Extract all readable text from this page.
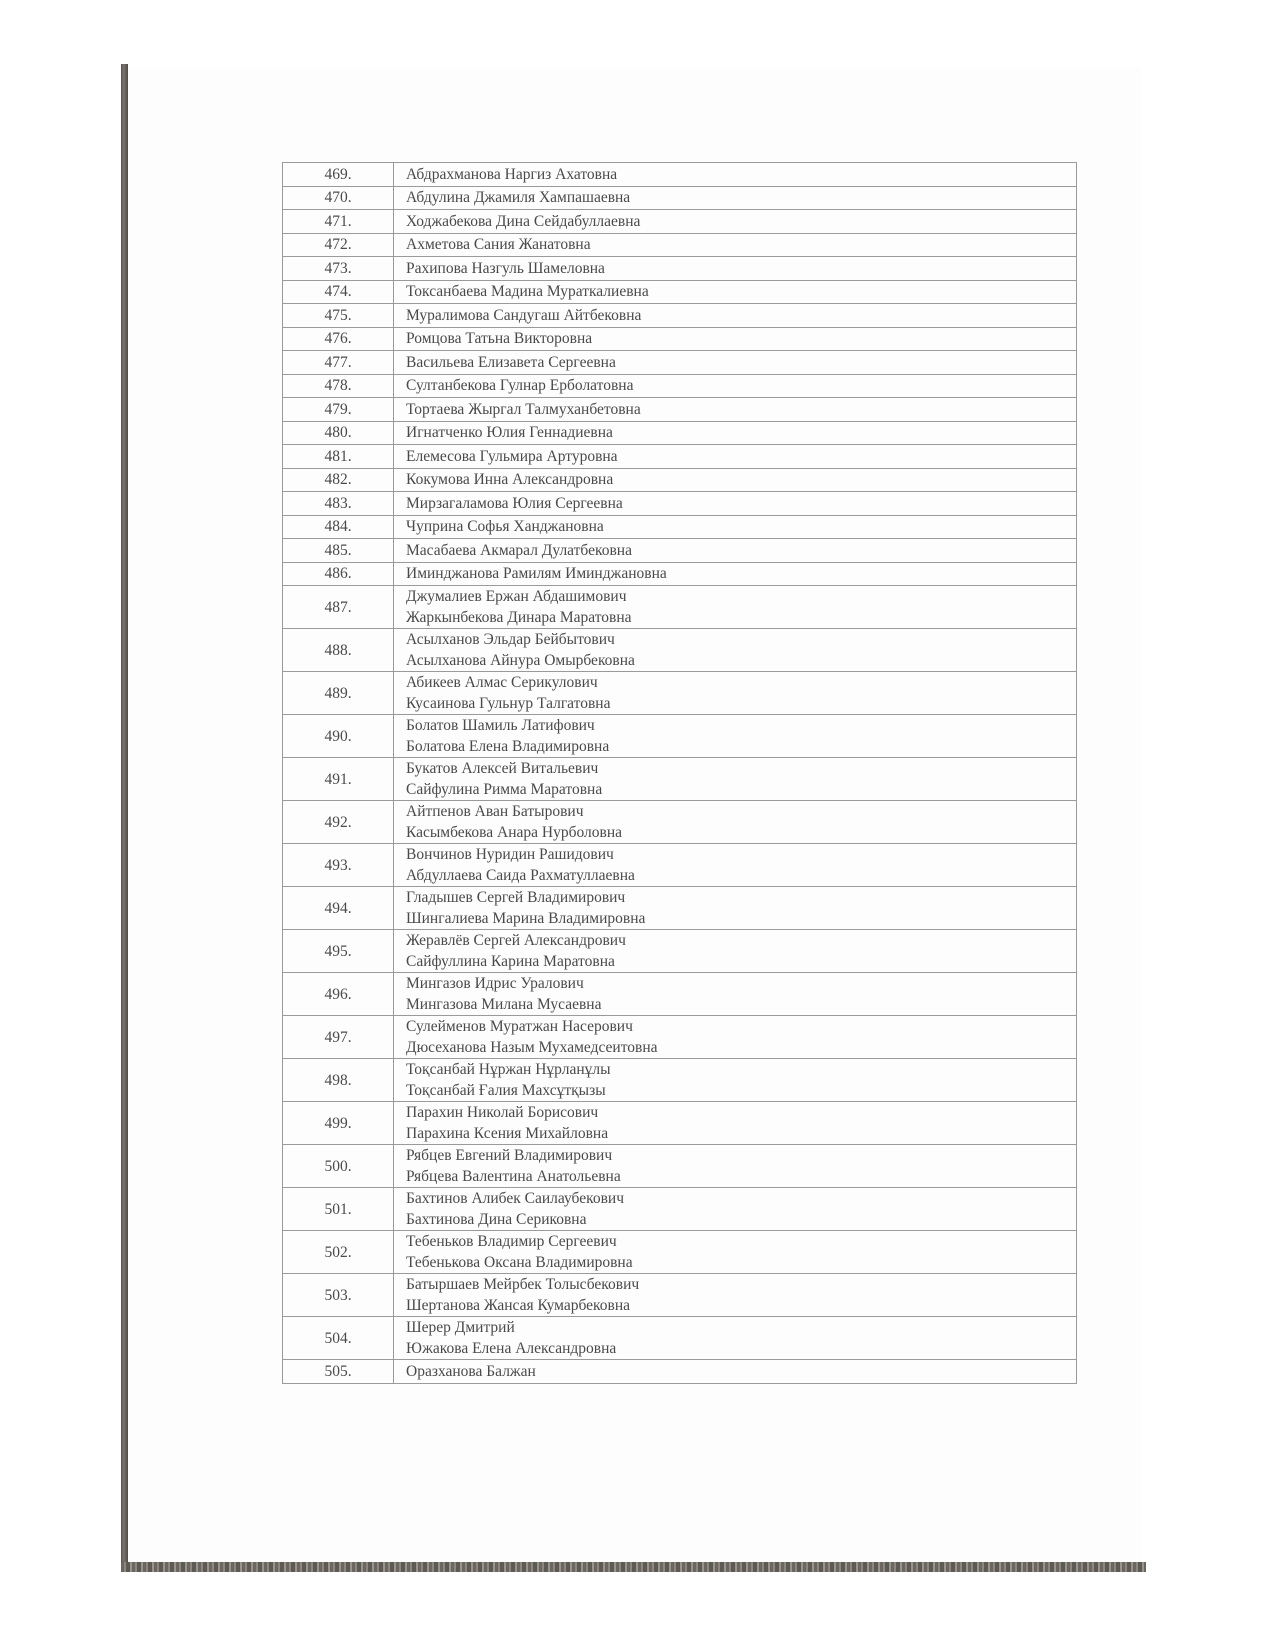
469.	Абдрахманова Наргиз Ахатовна

470.	Абдулина Джамиля Хампашаевна

471.	Ходжабекова Дина Сейдабуллаевна

472.	Ахметова Сания Жанатовна

473.	Рахипова Назгуль Шамеловна

474.	Токсанбаева Мадина Мураткалиевна

475.	Муралимова Сандугаш Айтбековна

476.	Ромцова Татьна Викторовна

477.	Васильева Елизавета Сергеевна

478.	Султанбекова Гулнар Ерболатовна

479.	Тортаева Жыргал Талмуханбетовна

480.	Игнатченко Юлия Геннадиевна

481.	Елемесова Гульмира Артуровна

482.	Кокумова Инна Александровна

483.	Мирзагаламова Юлия Сергеевна

484.	Чуприна Софья Ханджановна

485.	Масабаева Акмарал Дулатбековна

486.	Иминджанова Рамилям Иминджановна

487.	Джумалиев Ержан Абдашимович
Жаркынбекова Динара Маратовна

488.	Асылханов Эльдар Бейбытович
Асылханова Айнура Омырбековна

489.	Абикеев Алмас Серикулович
Кусаинова Гульнур Талгатовна

490.	Болатов Шамиль Латифович
Болатова Елена Владимировна

491.	Букатов Алексей Витальевич
Сайфулина Римма Маратовна

492.	Айтпенов Аван Батырович
Касымбекова Анара Нурболовна

493.	Вончинов Нуридин Рашидович
Абдуллаева Саида Рахматуллаевна

494.	Гладышев Сергей Владимирович
Шингалиева Марина Владимировна

495.	Жеравлёв Сергей Александрович
Сайфуллина Карина Маратовна

496.	Мингазов Идрис Уралович
Мингазова Милана Мусаевна

497.	Сулейменов Муратжан Насерович
Дюсеханова Назым Мухамедсеитовна

498.	Тоқсанбай Нұржан Нұрланұлы
Тоқсанбай Ғалия Махсұтқызы

499.	Парахин Николай Борисович
Парахина Ксения Михайловна

500.	Рябцев Евгений Владимирович
Рябцева Валентина Анатольевна

501.	Бахтинов Алибек Саилаубекович
Бахтинова Дина Сериковна

502.	Тебеньков Владимир Сергеевич
Тебенькова Оксана Владимировна

503.	Батыршаев Мейрбек Толысбекович
Шертанова Жансая Кумарбековна

504.	Шерер Дмитрий
Южакова Елена Александровна

505.	Оразханова Балжан
